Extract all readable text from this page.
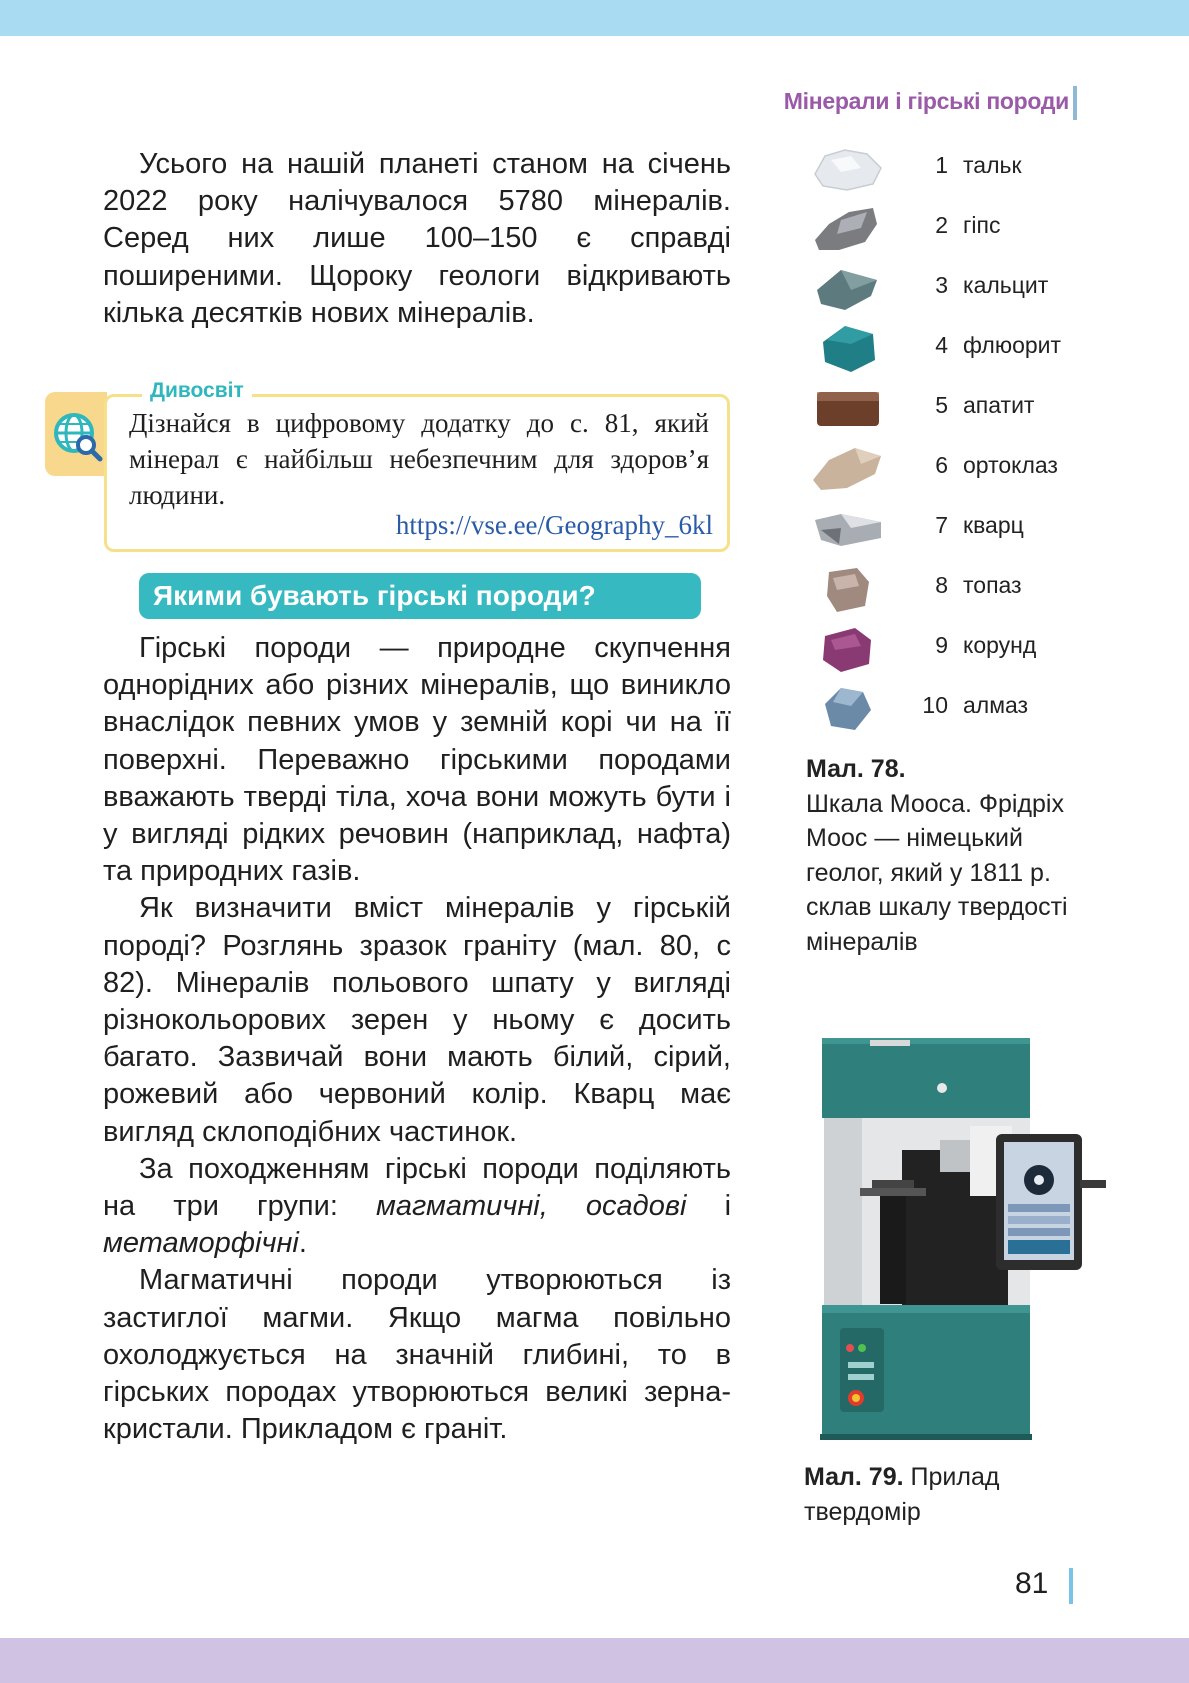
Мінерали і гірські породи

Усього на нашій планеті станом на січень 2022 року налічувалося 5780 мінералів. Серед них лише 100–150 є справді поширеними. Щороку геологи відкривають кілька десятків нових мінералів.

Дивосвіт
Дізнайся в цифровому додатку до с. 81, який мінерал є найбільш небезпечним для здоров’я людини.
https://vse.ee/Geography_6kl
Якими бувають гірські породи?

Гірські породи — природне скупчення однорідних або різних мінералів, що виникло внаслідок певних умов у земній корі чи на її поверхні. Переважно гірськими породами вважають тверді тіла, хоча вони можуть бути і у вигляді рідких речовин (наприклад, нафта) та природних газів.

Як визначити вміст мінералів у гірській породі? Розглянь зразок граніту (мал. 80, с 82). Мінералів польового шпату у вигляді різнокольорових зерен у ньому є досить багато. Зазвичай вони мають білий, сірий, рожевий або червоний колір. Кварц має вигляд склоподібних частинок.

За походженням гірські породи поділяють на три групи: магматичні, осадові і метаморфічні.

Магматичні породи утворюються із застиглої магми. Якщо магма повільно охолоджується на значній глибині, то в гірських породах утворюються великі зерна-кристали. Прикладом є граніт.

1 тальк
2 гіпс
3 кальцит
4 флюорит
5 апатит
6 ортоклаз
7 кварц
8 топаз
9 корунд
10 алмаз
Мал. 78.
Шкала Мооса. Фрідріх Моос — німецький геолог, який у 1811 р. склав шкалу твердості мінералів
Мал. 79. Прилад твердомір
81
